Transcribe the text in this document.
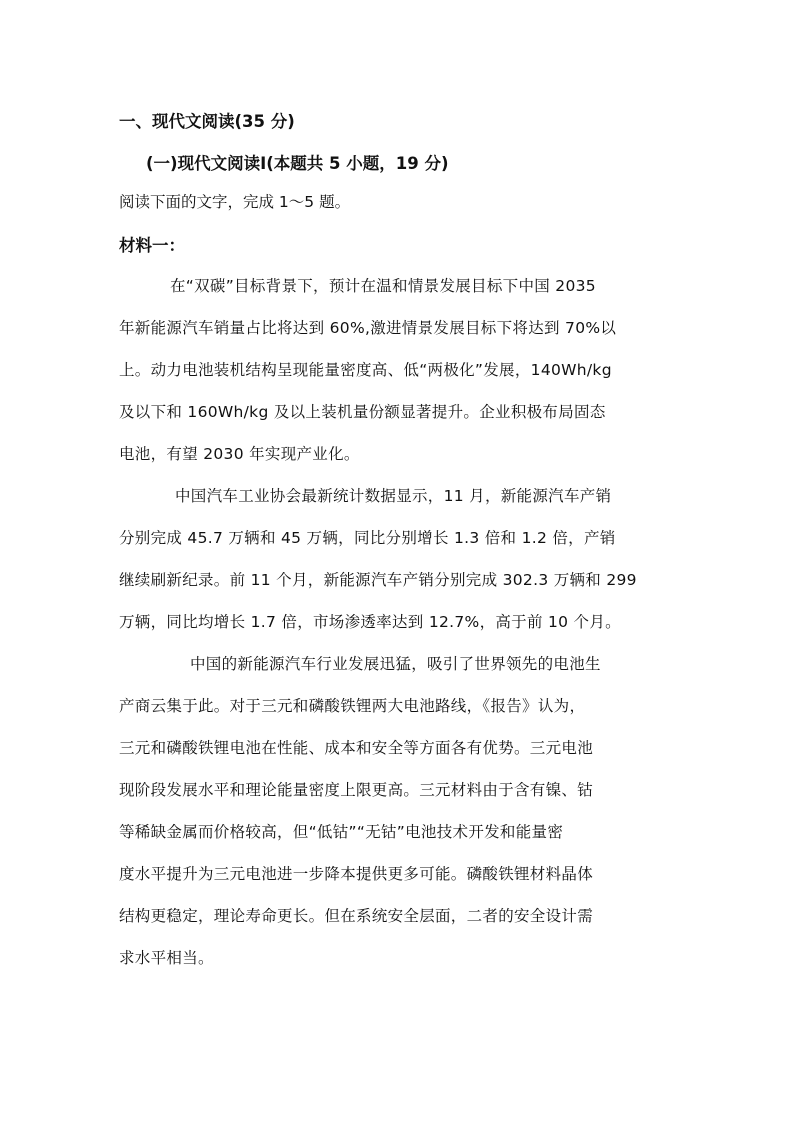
一、现代文阅读(35 分)
(一)现代文阅读Ⅰ(本题共 5 小题，19 分)
阅读下面的文字，完成 1～5 题。
材料一：
在“双碳”目标背景下，预计在温和情景发展目标下中国 2035
年新能源汽车销量占比将达到 60%,激进情景发展目标下将达到 70%以
上。动力电池装机结构呈现能量密度高、低“两极化”发展，140Wh/kg
及以下和 160Wh/kg 及以上装机量份额显著提升。企业积极布局固态
电池，有望 2030 年实现产业化。
中国汽车工业协会最新统计数据显示，11 月，新能源汽车产销
分别完成 45.7 万辆和 45 万辆，同比分别增长 1.3 倍和 1.2 倍，产销
继续刷新纪录。前 11 个月，新能源汽车产销分别完成 302.3 万辆和 299
万辆，同比均增长 1.7 倍，市场渗透率达到 12.7%，高于前 10 个月。
中国的新能源汽车行业发展迅猛，吸引了世界领先的电池生
产商云集于此。对于三元和磷酸铁锂两大电池路线，《报告》认为，
三元和磷酸铁锂电池在性能、成本和安全等方面各有优势。三元电池
现阶段发展水平和理论能量密度上限更高。三元材料由于含有镍、钴
等稀缺金属而价格较高，但“低钴”“无钴”电池技术开发和能量密
度水平提升为三元电池进一步降本提供更多可能。磷酸铁锂材料晶体
结构更稳定，理论寿命更长。但在系统安全层面，二者的安全设计需
求水平相当。
